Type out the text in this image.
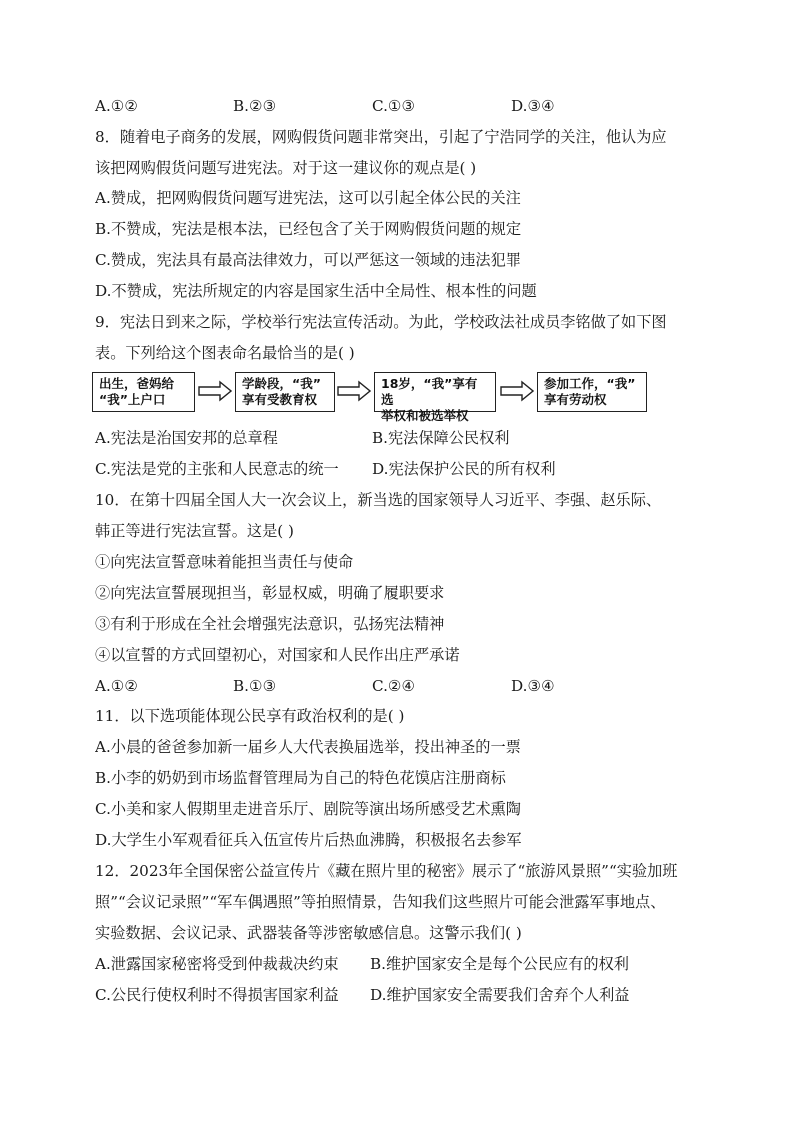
A.①②	B.②③	C.①③	D.③④
8．随着电子商务的发展，网购假货问题非常突出，引起了宁浩同学的关注，他认为应
该把网购假货问题写进宪法。对于这一建议你的观点是( )
A.赞成，把网购假货问题写进宪法，这可以引起全体公民的关注
B.不赞成，宪法是根本法，已经包含了关于网购假货问题的规定
C.赞成，宪法具有最高法律效力，可以严惩这一领域的违法犯罪
D.不赞成，宪法所规定的内容是国家生活中全局性、根本性的问题
9．宪法日到来之际，学校举行宪法宣传活动。为此，学校政法社成员李铭做了如下图
表。下列给这个图表命名最恰当的是( )
出生，爸妈给
“我”上户口
学龄段，“我”
享有受教育权
18岁，“我”享有选
举权和被选举权
参加工作，“我”
享有劳动权
A.宪法是治国安邦的总章程	B.宪法保障公民权利
C.宪法是党的主张和人民意志的统一 D.宪法保护公民的所有权利
10．在第十四届全国人大一次会议上，新当选的国家领导人习近平、李强、赵乐际、
韩正等进行宪法宣誓。这是( )
①向宪法宣誓意味着能担当责任与使命
②向宪法宣誓展现担当，彰显权威，明确了履职要求
③有利于形成在全社会增强宪法意识，弘扬宪法精神
④以宣誓的方式回望初心，对国家和人民作出庄严承诺
A.①②	B.①③	C.②④	D.③④
11．以下选项能体现公民享有政治权利的是( )
A.小晨的爸爸参加新一届乡人大代表换届选举，投出神圣的一票
B.小李的奶奶到市场监督管理局为自己的特色花馍店注册商标
C.小美和家人假期里走进音乐厅、剧院等演出场所感受艺术熏陶
D.大学生小军观看征兵入伍宣传片后热血沸腾，积极报名去参军
12．2023年全国保密公益宣传片《藏在照片里的秘密》展示了“旅游风景照”“实验加班
照”“会议记录照”“军车偶遇照”等拍照情景，告知我们这些照片可能会泄露军事地点、
实验数据、会议记录、武器装备等涉密敏感信息。这警示我们( )
A.泄露国家秘密将受到仲裁裁决约束 B.维护国家安全是每个公民应有的权利
C.公民行使权利时不得损害国家利益 D.维护国家安全需要我们舍弃个人利益
